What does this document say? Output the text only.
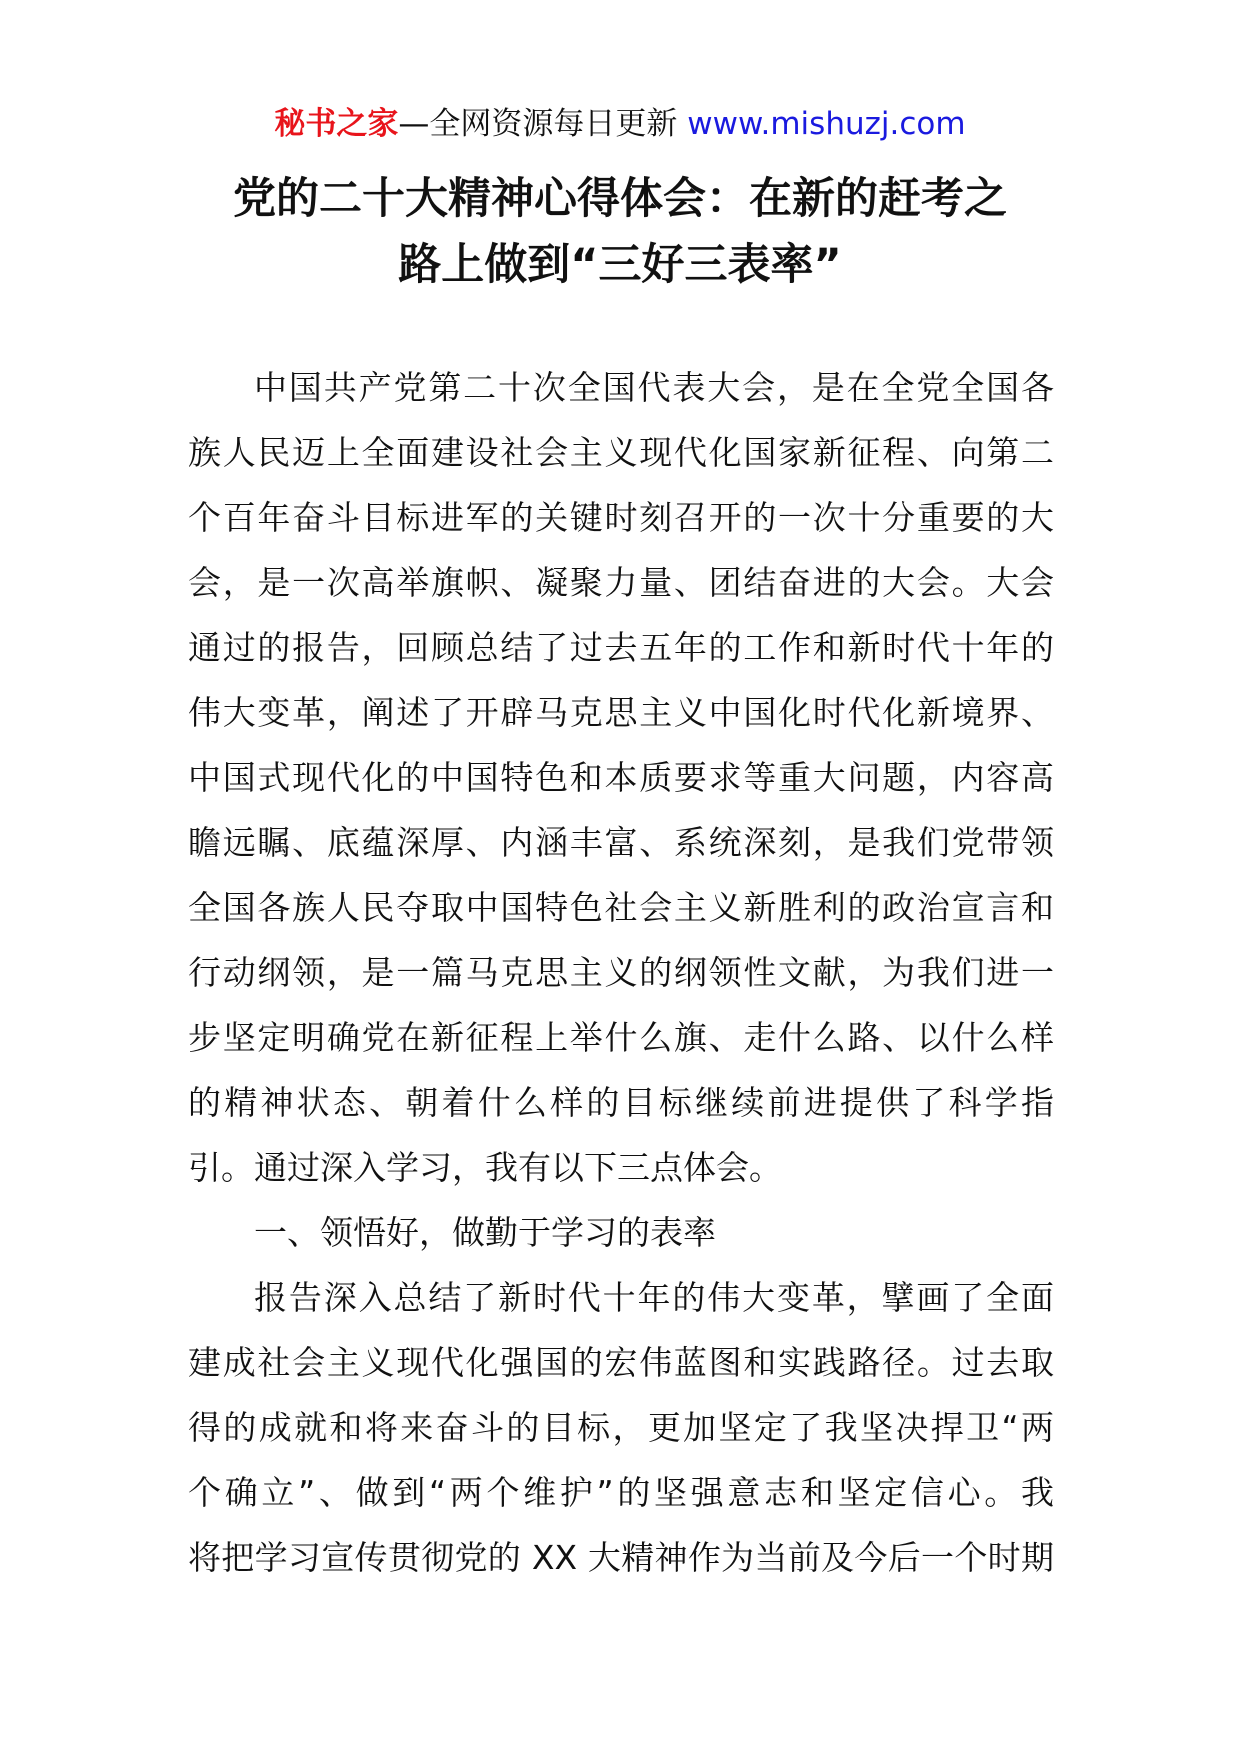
秘书之家—全网资源每日更新 www.mishuzj.com
党的二十大精神心得体会：在新的赶考之
路上做到“三好三表率”
中国共产党第二十次全国代表大会，是在全党全国各
族人民迈上全面建设社会主义现代化国家新征程、向第二
个百年奋斗目标进军的关键时刻召开的一次十分重要的大
会，是一次高举旗帜、凝聚力量、团结奋进的大会。大会
通过的报告，回顾总结了过去五年的工作和新时代十年的
伟大变革，阐述了开辟马克思主义中国化时代化新境界、
中国式现代化的中国特色和本质要求等重大问题，内容高
瞻远瞩、底蕴深厚、内涵丰富、系统深刻，是我们党带领
全国各族人民夺取中国特色社会主义新胜利的政治宣言和
行动纲领，是一篇马克思主义的纲领性文献，为我们进一
步坚定明确党在新征程上举什么旗、走什么路、以什么样
的精神状态、朝着什么样的目标继续前进提供了科学指
引。通过深入学习，我有以下三点体会。
一、领悟好，做勤于学习的表率
报告深入总结了新时代十年的伟大变革，擘画了全面
建成社会主义现代化强国的宏伟蓝图和实践路径。过去取
得的成就和将来奋斗的目标，更加坚定了我坚决捍卫“两
个确立”、做到“两个维护”的坚强意志和坚定信心。我
将把学习宣传贯彻党的 XX 大精神作为当前及今后一个时期
